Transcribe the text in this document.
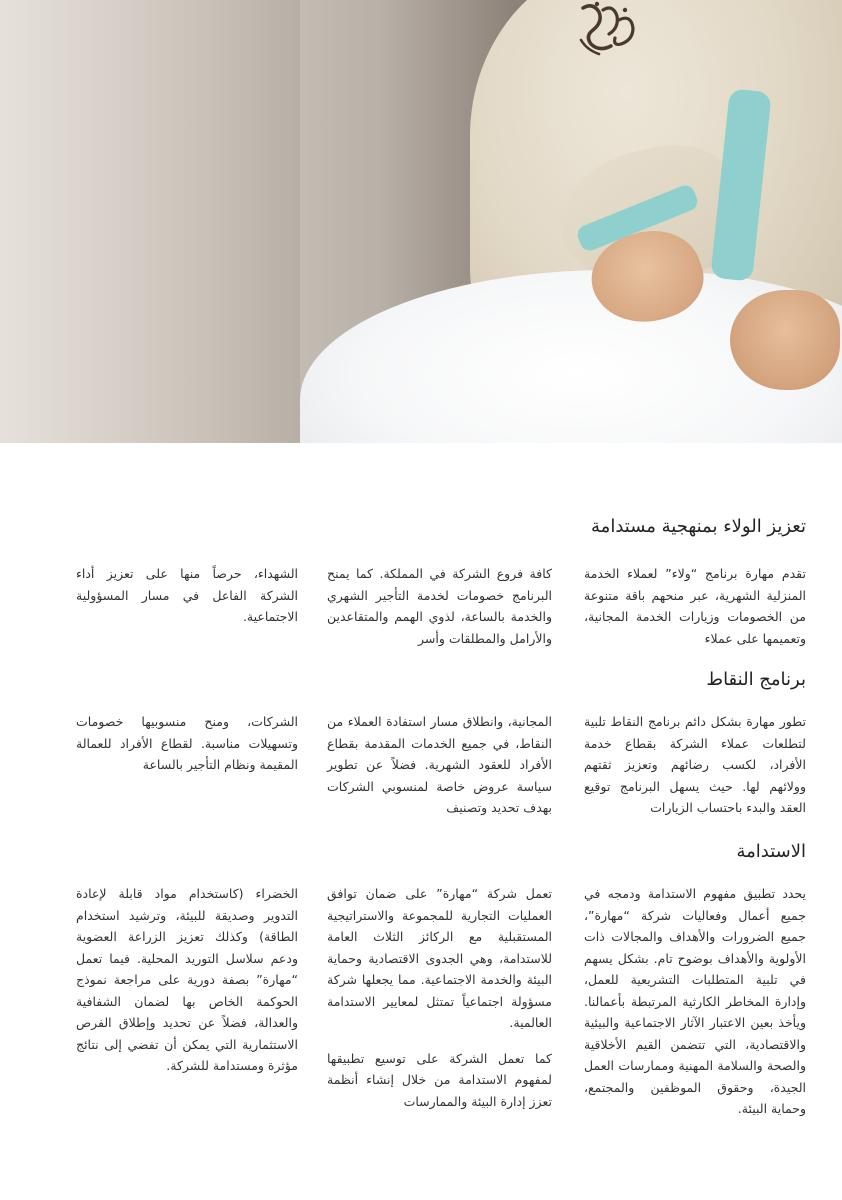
تعزيز الولاء بمنهجية مستدامة
تقدم مهارة برنامج “ولاء” لعملاء الخدمة المنزلية الشهرية، عبر منحهم باقة متنوعة من الخصومات وزيارات الخدمة المجانية، وتعميمها على عملاء
كافة فروع الشركة في المملكة. كما يمنح البرنامج خصومات لخدمة التأجير الشهري والخدمة بالساعة، لذوي الهمم والمتقاعدين والأرامل والمطلقات وأسر
الشهداء، حرصاً منها على تعزيز أداء الشركة الفاعل في مسار المسؤولية الاجتماعية.
برنامج النقاط
تطور مهارة بشكل دائم برنامج النقاط تلبية لتطلعات عملاء الشركة بقطاع خدمة الأفراد، لكسب رضائهم وتعزيز ثقتهم وولائهم لها. حيث يسهل البرنامج توقيع العقد والبدء باحتساب الزيارات
المجانية، وانطلاق مسار استفادة العملاء من النقاط، في جميع الخدمات المقدمة بقطاع الأفراد للعقود الشهرية. فضلاً عن تطوير سياسة عروض خاصة لمنسوبي الشركات بهدف تحديد وتصنيف
الشركات، ومنح منسوبيها خصومات وتسهيلات مناسبة. لقطاع الأفراد للعمالة المقيمة ونظام التأجير بالساعة
الاستدامة
يحدد تطبيق مفهوم الاستدامة ودمجه في جميع أعمال وفعاليات شركة “مهارة”، جميع الضرورات والأهداف والمجالات ذات الأولوية والأهداف بوضوح تام. بشكل يسهم في تلبية المتطلبات التشريعية للعمل، وإدارة المخاطر الكارثية المرتبطة بأعمالنا. ويأخذ بعين الاعتبار الآثار الاجتماعية والبيئية والاقتصادية، التي تتضمن القيم الأخلاقية والصحة والسلامة المهنية وممارسات العمل الجيدة، وحقوق الموظفين والمجتمع، وحماية البيئة.

تعمل شركة “مهارة” على ضمان توافق العمليات التجارية للمجموعة والاستراتيجية المستقبلية مع الركائز الثلاث العامة للاستدامة، وهي الجدوى الاقتصادية وحماية البيئة والخدمة الاجتماعية. مما يجعلها شركة مسؤولة اجتماعياً تمتثل لمعايير الاستدامة العالمية.

كما تعمل الشركة على توسيع تطبيقها لمفهوم الاستدامة من خلال إنشاء أنظمة تعزز إدارة البيئة والممارسات

الخضراء (كاستخدام مواد قابلة لإعادة التدوير وصديقة للبيئة، وترشيد استخدام الطاقة) وكذلك تعزيز الزراعة العضوية ودعم سلاسل التوريد المحلية. فيما تعمل “مهارة” بصفة دورية على مراجعة نموذج الحوكمة الخاص بها لضمان الشفافية والعدالة، فضلاً عن تحديد وإطلاق الفرص الاستثمارية التي يمكن أن تفضي إلى نتائج مؤثرة ومستدامة للشركة.
